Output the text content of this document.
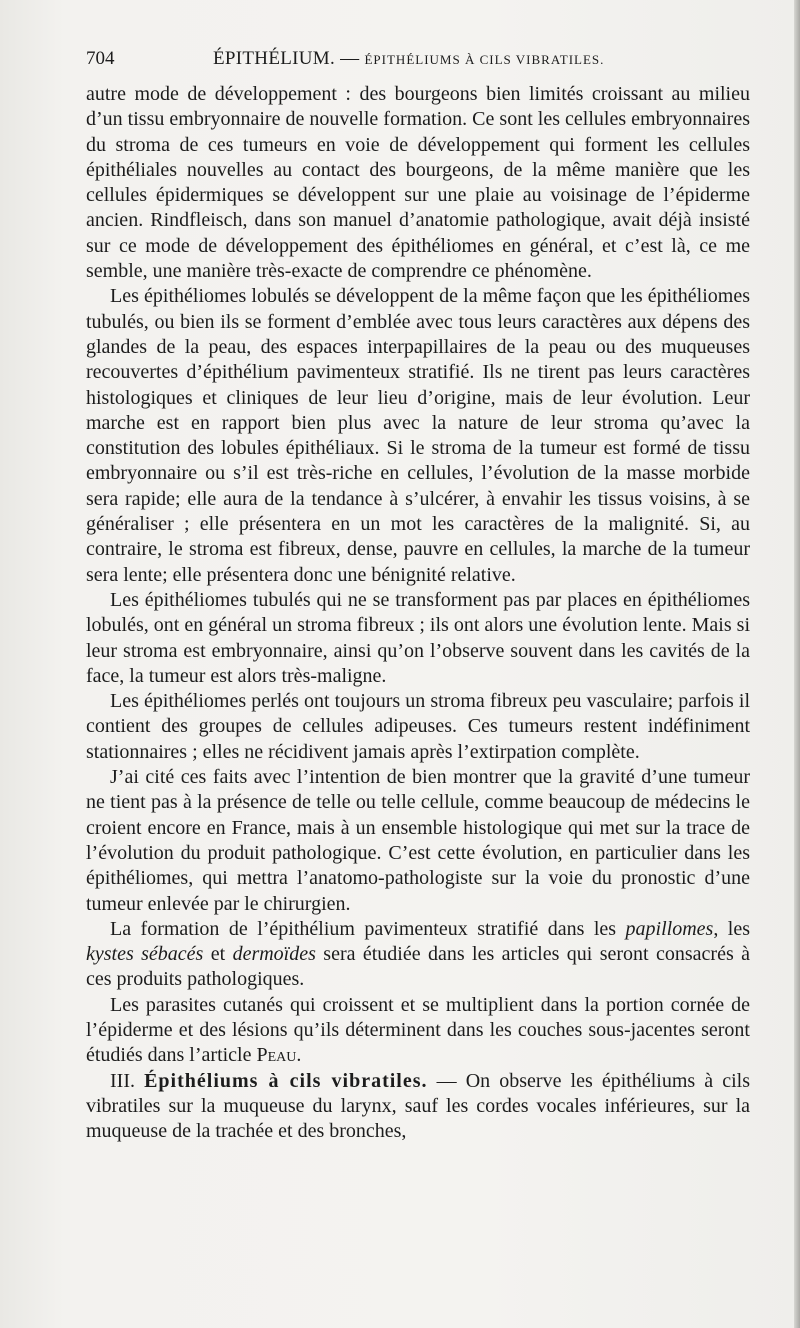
704	ÉPITHÉLIUM. — ÉPITHÉLIUMS À CILS VIBRATILES.

autre mode de développement : des bourgeons bien limités croissant au milieu d’un tissu embryonnaire de nouvelle formation. Ce sont les cellules embryonnaires du stroma de ces tumeurs en voie de développement qui forment les cellules épithéliales nouvelles au contact des bourgeons, de la même manière que les cellules épidermiques se développent sur une plaie au voisinage de l’épiderme ancien. Rindfleisch, dans son manuel d’anatomie pathologique, avait déjà insisté sur ce mode de développement des épithéliomes en général, et c’est là, ce me semble, une manière très-exacte de comprendre ce phénomène.

Les épithéliomes lobulés se développent de la même façon que les épithéliomes tubulés, ou bien ils se forment d’emblée avec tous leurs caractères aux dépens des glandes de la peau, des espaces interpapillaires de la peau ou des muqueuses recouvertes d’épithélium pavimenteux stratifié. Ils ne tirent pas leurs caractères histologiques et cliniques de leur lieu d’origine, mais de leur évolution. Leur marche est en rapport bien plus avec la nature de leur stroma qu’avec la constitution des lobules épithéliaux. Si le stroma de la tumeur est formé de tissu embryonnaire ou s’il est très-riche en cellules, l’évolution de la masse morbide sera rapide; elle aura de la tendance à s’ulcérer, à envahir les tissus voisins, à se généraliser ; elle présentera en un mot les caractères de la malignité. Si, au contraire, le stroma est fibreux, dense, pauvre en cellules, la marche de la tumeur sera lente; elle présentera donc une bénignité relative.

Les épithéliomes tubulés qui ne se transforment pas par places en épithéliomes lobulés, ont en général un stroma fibreux ; ils ont alors une évolution lente. Mais si leur stroma est embryonnaire, ainsi qu’on l’observe souvent dans les cavités de la face, la tumeur est alors très-maligne.

Les épithéliomes perlés ont toujours un stroma fibreux peu vasculaire; parfois il contient des groupes de cellules adipeuses. Ces tumeurs restent indéfiniment stationnaires ; elles ne récidivent jamais après l’extirpation complète.

J’ai cité ces faits avec l’intention de bien montrer que la gravité d’une tumeur ne tient pas à la présence de telle ou telle cellule, comme beaucoup de médecins le croient encore en France, mais à un ensemble histologique qui met sur la trace de l’évolution du produit pathologique. C’est cette évolution, en particulier dans les épithéliomes, qui mettra l’anatomo-pathologiste sur la voie du pronostic d’une tumeur enlevée par le chirurgien.

La formation de l’épithélium pavimenteux stratifié dans les papillomes, les kystes sébacés et dermoïdes sera étudiée dans les articles qui seront consacrés à ces produits pathologiques.

Les parasites cutanés qui croissent et se multiplient dans la portion cornée de l’épiderme et des lésions qu’ils déterminent dans les couches sous-jacentes seront étudiés dans l’article Peau.

III. Épithéliums à cils vibratiles. — On observe les épithéliums à cils vibratiles sur la muqueuse du larynx, sauf les cordes vocales inférieures, sur la muqueuse de la trachée et des bronches,
